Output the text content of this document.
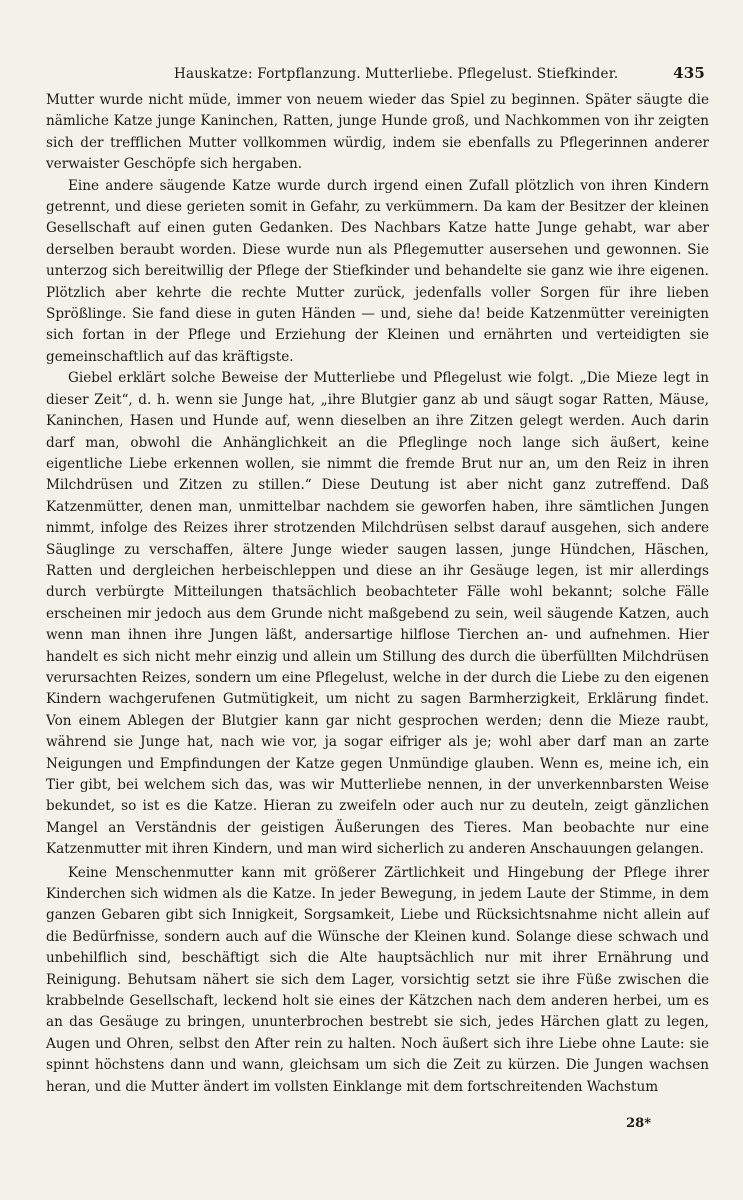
Hauskatze: Fortpflanzung. Mutterliebe. Pflegelust. Stiefkinder.	435

Mutter wurde nicht müde, immer von neuem wieder das Spiel zu beginnen. Später säugte die nämliche Katze junge Kaninchen, Ratten, junge Hunde groß, und Nachkommen von ihr zeigten sich der trefflichen Mutter vollkommen würdig, indem sie ebenfalls zu Pflegerinnen anderer verwaister Geschöpfe sich hergaben.

Eine andere säugende Katze wurde durch irgend einen Zufall plötzlich von ihren Kindern getrennt, und diese gerieten somit in Gefahr, zu verkümmern. Da kam der Besitzer der kleinen Gesellschaft auf einen guten Gedanken. Des Nachbars Katze hatte Junge gehabt, war aber derselben beraubt worden. Diese wurde nun als Pflegemutter ausersehen und gewonnen. Sie unterzog sich bereitwillig der Pflege der Stiefkinder und behandelte sie ganz wie ihre eigenen. Plötzlich aber kehrte die rechte Mutter zurück, jedenfalls voller Sorgen für ihre lieben Sprößlinge. Sie fand diese in guten Händen — und, siehe da! beide Katzenmütter vereinigten sich fortan in der Pflege und Erziehung der Kleinen und ernährten und verteidigten sie gemeinschaftlich auf das kräftigste.

Giebel erklärt solche Beweise der Mutterliebe und Pflegelust wie folgt. „Die Mieze legt in dieser Zeit“, d. h. wenn sie Junge hat, „ihre Blutgier ganz ab und säugt sogar Ratten, Mäuse, Kaninchen, Hasen und Hunde auf, wenn dieselben an ihre Zitzen gelegt werden. Auch darin darf man, obwohl die Anhänglichkeit an die Pfleglinge noch lange sich äußert, keine eigentliche Liebe erkennen wollen, sie nimmt die fremde Brut nur an, um den Reiz in ihren Milchdrüsen und Zitzen zu stillen.“ Diese Deutung ist aber nicht ganz zutreffend. Daß Katzenmütter, denen man, unmittelbar nachdem sie geworfen haben, ihre sämtlichen Jungen nimmt, infolge des Reizes ihrer strotzenden Milchdrüsen selbst darauf ausgehen, sich andere Säuglinge zu verschaffen, ältere Junge wieder saugen lassen, junge Hündchen, Häschen, Ratten und dergleichen herbeischleppen und diese an ihr Gesäuge legen, ist mir allerdings durch verbürgte Mitteilungen thatsächlich beobachteter Fälle wohl bekannt; solche Fälle erscheinen mir jedoch aus dem Grunde nicht maßgebend zu sein, weil säugende Katzen, auch wenn man ihnen ihre Jungen läßt, andersartige hilflose Tierchen an- und aufnehmen. Hier handelt es sich nicht mehr einzig und allein um Stillung des durch die überfüllten Milchdrüsen verursachten Reizes, sondern um eine Pflegelust, welche in der durch die Liebe zu den eigenen Kindern wachgerufenen Gutmütigkeit, um nicht zu sagen Barmherzigkeit, Erklärung findet. Von einem Ablegen der Blutgier kann gar nicht gesprochen werden; denn die Mieze raubt, während sie Junge hat, nach wie vor, ja sogar eifriger als je; wohl aber darf man an zarte Neigungen und Empfindungen der Katze gegen Unmündige glauben. Wenn es, meine ich, ein Tier gibt, bei welchem sich das, was wir Mutterliebe nennen, in der unverkennbarsten Weise bekundet, so ist es die Katze. Hieran zu zweifeln oder auch nur zu deuteln, zeigt gänzlichen Mangel an Verständnis der geistigen Äußerungen des Tieres. Man beobachte nur eine Katzenmutter mit ihren Kindern, und man wird sicherlich zu anderen Anschauungen gelangen.

Keine Menschenmutter kann mit größerer Zärtlichkeit und Hingebung der Pflege ihrer Kinderchen sich widmen als die Katze. In jeder Bewegung, in jedem Laute der Stimme, in dem ganzen Gebaren gibt sich Innigkeit, Sorgsamkeit, Liebe und Rücksichtsnahme nicht allein auf die Bedürfnisse, sondern auch auf die Wünsche der Kleinen kund. Solange diese schwach und unbehilflich sind, beschäftigt sich die Alte hauptsächlich nur mit ihrer Ernährung und Reinigung. Behutsam nähert sie sich dem Lager, vorsichtig setzt sie ihre Füße zwischen die krabbelnde Gesellschaft, leckend holt sie eines der Kätzchen nach dem anderen herbei, um es an das Gesäuge zu bringen, ununterbrochen bestrebt sie sich, jedes Härchen glatt zu legen, Augen und Ohren, selbst den After rein zu halten. Noch äußert sich ihre Liebe ohne Laute: sie spinnt höchstens dann und wann, gleichsam um sich die Zeit zu kürzen. Die Jungen wachsen heran, und die Mutter ändert im vollsten Einklange mit dem fortschreitenden Wachstum

28*
